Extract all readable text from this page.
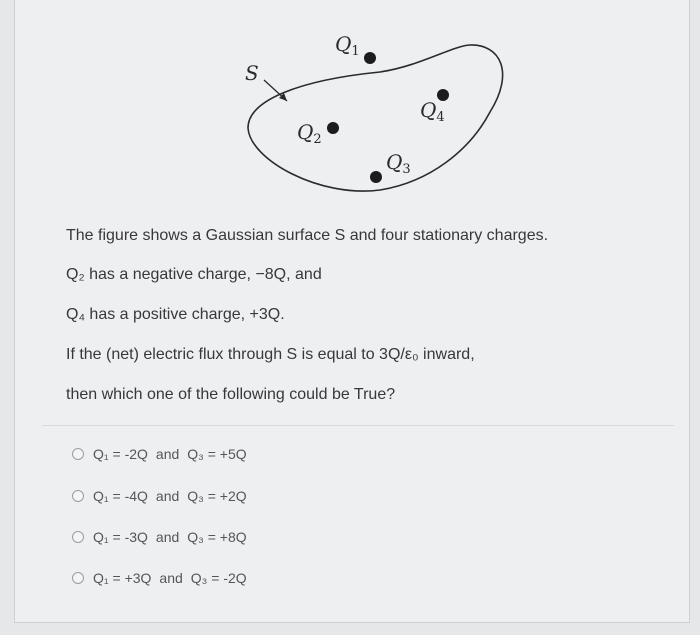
S
$Q_1$
$Q_2$
$Q_3$
$Q_4$
The figure shows a Gaussian surface S and four stationary charges.
Q₂ has a negative charge, −8Q, and
Q₄ has a positive charge, +3Q.
If the (net) electric flux through S is equal to 3Q/ε₀ inward,
then which one of the following could be True?
Q₁ = -2Q and Q₃ = +5Q
Q₁ = -4Q and Q₃ = +2Q
Q₁ = -3Q and Q₃ = +8Q
Q₁ = +3Q and Q₃ = -2Q
